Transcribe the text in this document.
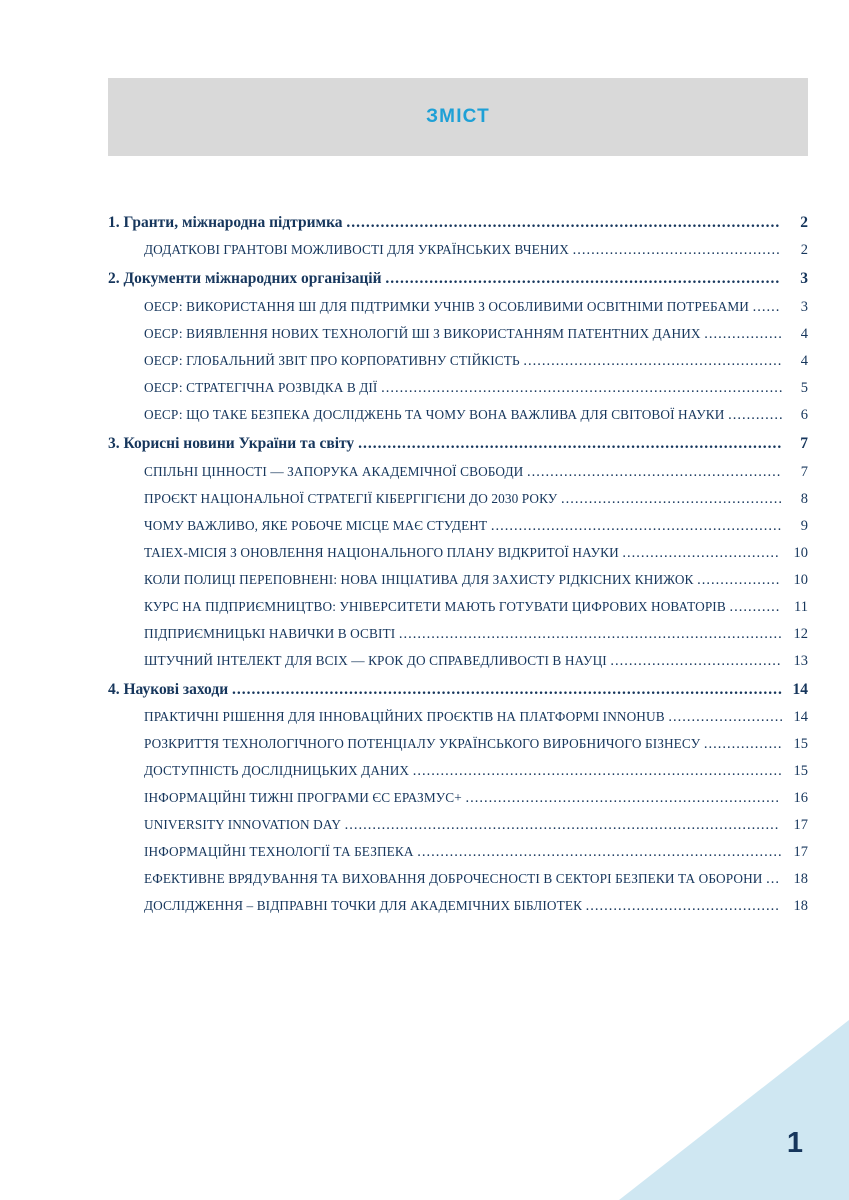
ЗМІСТ
1. Гранти, міжнародна підтримка .........................................................................................	2
ДОДАТКОВІ ГРАНТОВІ МОЖЛИВОСТІ ДЛЯ УКРАЇНСЬКИХ ВЧЕНИХ .............................................	2
2. Документи міжнародних організацій .................................................................................	3
ОЕСР: ВИКОРИСТАННЯ ШІ ДЛЯ ПІДТРИМКИ УЧНІВ З ОСОБЛИВИМИ ОСВІТНІМИ ПОТРЕБАМИ ......	3
ОЕСР: ВИЯВЛЕННЯ НОВИХ ТЕХНОЛОГІЙ ШІ З ВИКОРИСТАННЯМ ПАТЕНТНИХ ДАНИХ .................	4
ОЕСР: ГЛОБАЛЬНИЙ ЗВІТ ПРО КОРПОРАТИВНУ СТІЙКІСТЬ ........................................................	4
ОЕСР: СТРАТЕГІЧНА РОЗВІДКА В ДІЇ .......................................................................................	5
ОЕСР: ЩО ТАКЕ БЕЗПЕКА ДОСЛІДЖЕНЬ ТА ЧОМУ ВОНА ВАЖЛИВА ДЛЯ СВІТОВОЇ НАУКИ ............	6
3. Корисні новини України та світу .......................................................................................	7
СПІЛЬНІ ЦІННОСТІ — ЗАПОРУКА АКАДЕМІЧНОЇ СВОБОДИ .......................................................	7
ПРОЄКТ НАЦІОНАЛЬНОЇ СТРАТЕГІЇ КІБЕРГІГІЄНИ ДО 2030 РОКУ ................................................	8
ЧОМУ ВАЖЛИВО, ЯКЕ РОБОЧЕ МІСЦЕ МАЄ СТУДЕНТ ...............................................................	9
TAIEX-МІСІЯ З ОНОВЛЕННЯ НАЦІОНАЛЬНОГО ПЛАНУ ВІДКРИТОЇ НАУКИ .................................. 10
КОЛИ ПОЛИЦІ ПЕРЕПОВНЕНІ: НОВА ІНІЦІАТИВА ДЛЯ ЗАХИСТУ РІДКІСНИХ КНИЖОК .................. 10
КУРС НА ПІДПРИЄМНИЦТВО: УНІВЕРСИТЕТИ МАЮТЬ ГОТУВАТИ ЦИФРОВИХ НОВАТОРІВ ........... 11
ПІДПРИЄМНИЦЬКІ НАВИЧКИ В ОСВІТІ ................................................................................... 12
ШТУЧНИЙ ІНТЕЛЕКТ ДЛЯ ВСІХ — КРОК ДО СПРАВЕДЛИВОСТІ В НАУЦІ ..................................... 13
4. Наукові заходи ................................................................................................................. 14
ПРАКТИЧНІ РІШЕННЯ ДЛЯ ІННОВАЦІЙНИХ ПРОЄКТІВ НА ПЛАТФОРМІ INNOHUB ......................... 14
РОЗКРИТТЯ ТЕХНОЛОГІЧНОГО ПОТЕНЦІАЛУ УКРАЇНСЬКОГО ВИРОБНИЧОГО БІЗНЕСУ ................. 15
ДОСТУПНІСТЬ ДОСЛІДНИЦЬКИХ ДАНИХ ................................................................................ 15
ІНФОРМАЦІЙНІ ТИЖНІ ПРОГРАМИ ЄС ЕРАЗМУС+ .................................................................... 16
UNIVERSITY INNOVATION DAY .............................................................................................. 17
ІНФОРМАЦІЙНІ ТЕХНОЛОГІЇ ТА БЕЗПЕКА ............................................................................... 17
ЕФЕКТИВНЕ ВРЯДУВАННЯ ТА ВИХОВАННЯ ДОБРОЧЕСНОСТІ В СЕКТОРІ БЕЗПЕКИ ТА ОБОРОНИ ... 18
ДОСЛІДЖЕННЯ – ВІДПРАВНІ ТОЧКИ ДЛЯ АКАДЕМІЧНИХ БІБЛІОТЕК .......................................... 18
1
